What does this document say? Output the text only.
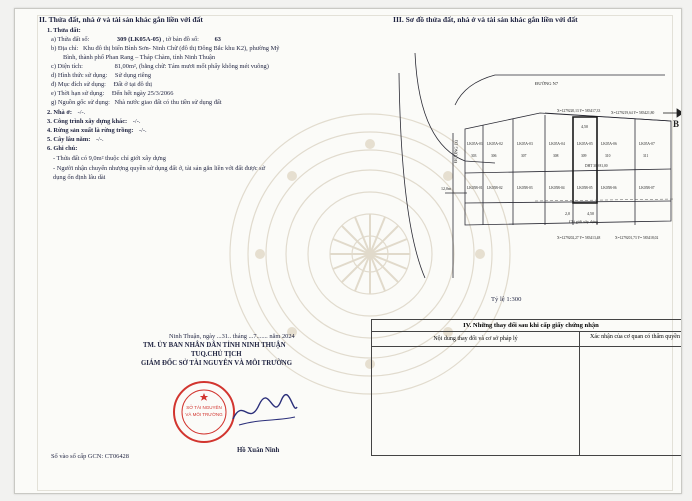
II. Thửa đất, nhà ở và tài sản khác gắn liền với đất
1. Thửa đất:
a) Thửa đất số:	309 (LK05A-05) , tờ bản đồ số: 63
b) Địa chỉ: Khu đô thị biển Bình Sơn- Ninh Chữ (đô thị Đông Bắc khu K2), phường Mỹ
Bình, thành phố Phan Rang – Tháp Chàm, tỉnh Ninh Thuận
c) Diện tích:	81,00m², (bằng chữ: Tám mươi mốt phẩy không mét vuông)
d) Hình thức sử dụng: Sử dụng riêng
đ) Mục đích sử dụng: Đất ở tại đô thị
e) Thời hạn sử dụng: Đến hết ngày 25/3/2066
g) Nguồn gốc sử dụng: Nhà nước giao đất có thu tiền sử dụng đất
2. Nhà ở: -/-.
3. Công trình xây dựng khác: -/-.
4. Rừng sản xuất là rừng trồng: -/-.
5. Cây lâu năm: -/-.
6. Ghi chú:
- Thửa đất có 9,0m² thuộc chỉ giới xây dựng
- Người nhận chuyển nhượng quyền sử dụng đất ở, tài sản gắn liền với đất được sử
dụng ổn định lâu dài
III. Sơ đồ thửa đất, nhà ở và tài sản khác gắn liền với đất
ĐƯỜNG N7
ĐƯỜNG D3
B
Chỉ giới xây dựng
X=1279220,13 Y= 583417,33	X=1279219,64 Y= 583421,80
X=1279202,27 Y= 583413,48	X=1279201,73 Y= 583418,02
4,50
4,50
12,0m
DHT 309 81,00
2,0
LK05A-01
303
LK05A-02
306
LK05A-03
307
LK05A-04
308
LK05A-05
309
LK05A-06
310
LK05A-07
311
LK05B-01 LK05B-02	LK05B-03	LK05B-04	LK05B-05 LK05B-06	LK05B-07
Tỷ lệ 1:300
IV. Những thay đổi sau khi cấp giấy chứng nhận
Nội dung thay đổi và cơ sở pháp lý	Xác nhận của cơ quan có thẩm quyền
Ninh Thuận, ngày ...31.. tháng ...7....... năm 2024
TM. ỦY BAN NHÂN DÂN TỈNH NINH THUẬN
TUQ.CHỦ TỊCH
GIÁM ĐỐC SỞ TÀI NGUYÊN VÀ MÔI TRƯỜNG
SỞ TÀI NGUYÊN
VÀ MÔI TRƯỜNG
Hồ Xuân Ninh
Số vào sổ cấp GCN: CT06428
